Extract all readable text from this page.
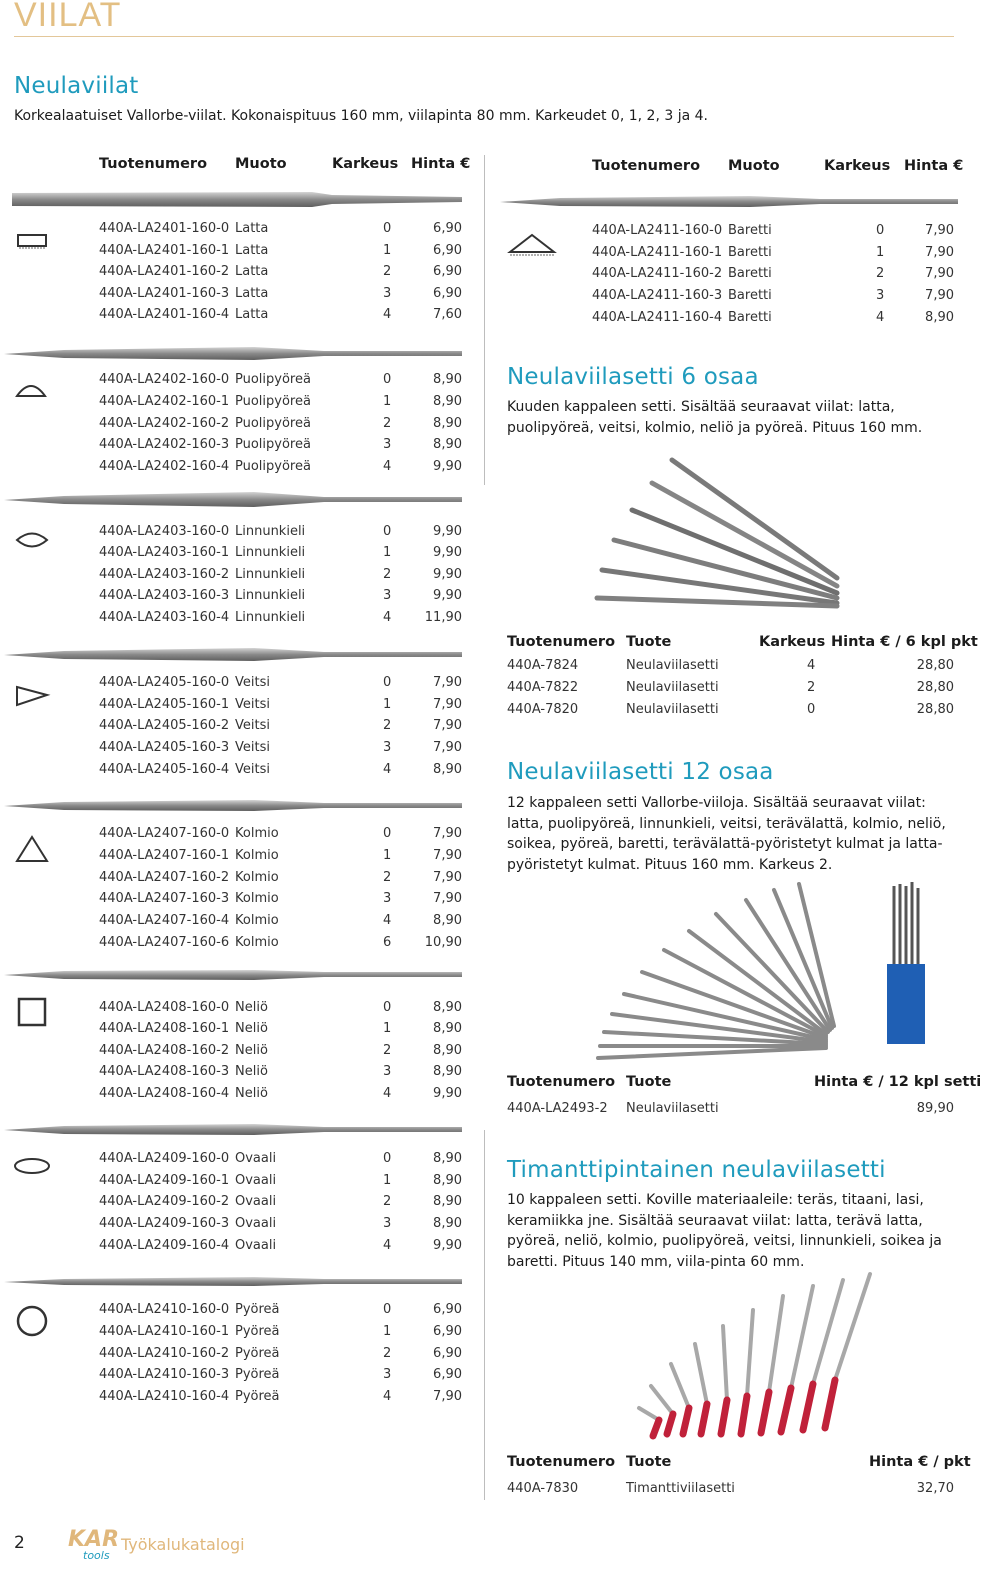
VIILAT
Neulaviilat
Korkealaatuiset Vallorbe-viilat. Kokonaispituus 160 mm, viilapinta 80 mm. Karkeudet 0, 1, 2, 3 ja 4.
Tuotenumero Muoto	Karkeus Hinta €	Tuotenumero Muoto	Karkeus Hinta €
440A-LA2401-160-0 Latta	0	6,90
440A-LA2401-160-1 Latta	1	6,90
440A-LA2401-160-2 Latta	2	6,90
440A-LA2401-160-3 Latta	3	6,90
440A-LA2401-160-4 Latta	4	7,60
440A-LA2402-160-0 Puolipyöreä	0	8,90
440A-LA2402-160-1 Puolipyöreä	1	8,90
440A-LA2402-160-2 Puolipyöreä	2	8,90
440A-LA2402-160-3 Puolipyöreä	3	8,90
440A-LA2402-160-4 Puolipyöreä	4	9,90
440A-LA2403-160-0 Linnunkieli	0	9,90
440A-LA2403-160-1 Linnunkieli	1	9,90
440A-LA2403-160-2 Linnunkieli	2	9,90
440A-LA2403-160-3 Linnunkieli	3	9,90
440A-LA2403-160-4 Linnunkieli	4	11,90
440A-LA2405-160-0 Veitsi	0	7,90
440A-LA2405-160-1 Veitsi	1	7,90
440A-LA2405-160-2 Veitsi	2	7,90
440A-LA2405-160-3 Veitsi	3	7,90
440A-LA2405-160-4 Veitsi	4	8,90
440A-LA2407-160-0 Kolmio	0	7,90
440A-LA2407-160-1 Kolmio	1	7,90
440A-LA2407-160-2 Kolmio	2	7,90
440A-LA2407-160-3 Kolmio	3	7,90
440A-LA2407-160-4 Kolmio	4	8,90
440A-LA2407-160-6 Kolmio	6	10,90
440A-LA2408-160-0 Neliö	0	8,90
440A-LA2408-160-1 Neliö	1	8,90
440A-LA2408-160-2 Neliö	2	8,90
440A-LA2408-160-3 Neliö	3	8,90
440A-LA2408-160-4 Neliö	4	9,90
440A-LA2409-160-0 Ovaali	0	8,90
440A-LA2409-160-1 Ovaali	1	8,90
440A-LA2409-160-2 Ovaali	2	8,90
440A-LA2409-160-3 Ovaali	3	8,90
440A-LA2409-160-4 Ovaali	4	9,90
440A-LA2410-160-0 Pyöreä	0	6,90
440A-LA2410-160-1 Pyöreä	1	6,90
440A-LA2410-160-2 Pyöreä	2	6,90
440A-LA2410-160-3 Pyöreä	3	6,90
440A-LA2410-160-4 Pyöreä	4	7,90
440A-LA2411-160-0 Baretti	0	7,90
440A-LA2411-160-1 Baretti	1	7,90
440A-LA2411-160-2 Baretti	2	7,90
440A-LA2411-160-3 Baretti	3	7,90
440A-LA2411-160-4 Baretti	4	8,90
Neulaviilasetti 6 osaa
Kuuden kappaleen setti. Sisältää seuraavat viilat: latta, puolipyöreä, veitsi, kolmio, neliö ja pyöreä. Pituus 160 mm.
Tuotenumero Tuote	Karkeus Hinta € / 6 kpl pkt
440A-7824	Neulaviilasetti	4	28,80
440A-7822	Neulaviilasetti	2	28,80
440A-7820	Neulaviilasetti	0	28,80
Neulaviilasetti 12 osaa
12 kappaleen setti Vallorbe-viiloja. Sisältää seuraavat viilat: latta, puolipyöreä, linnunkieli, veitsi, terävälattä, kolmio, neliö, soikea, pyöreä, baretti, terävälattä-pyöristetyt kulmat ja latta-pyöristetyt kulmat. Pituus 160 mm. Karkeus 2.
Tuotenumero Tuote	Hinta € / 12 kpl setti
440A-LA2493-2 Neulaviilasetti	89,90
Timanttipintainen neulaviilasetti
10 kappaleen setti. Koville materiaaleile: teräs, titaani, lasi, keramiikka jne. Sisältää seuraavat viilat: latta, terävä latta, pyöreä, neliö, kolmio, puolipyöreä, veitsi, linnunkieli, soikea ja baretti. Pituus 140 mm, viila-pinta 60 mm.
Tuotenumero Tuote	Hinta € / pkt
440A-7830	Timanttiviilasetti	32,70
2 KAR
tools
Työkalukatalogi
